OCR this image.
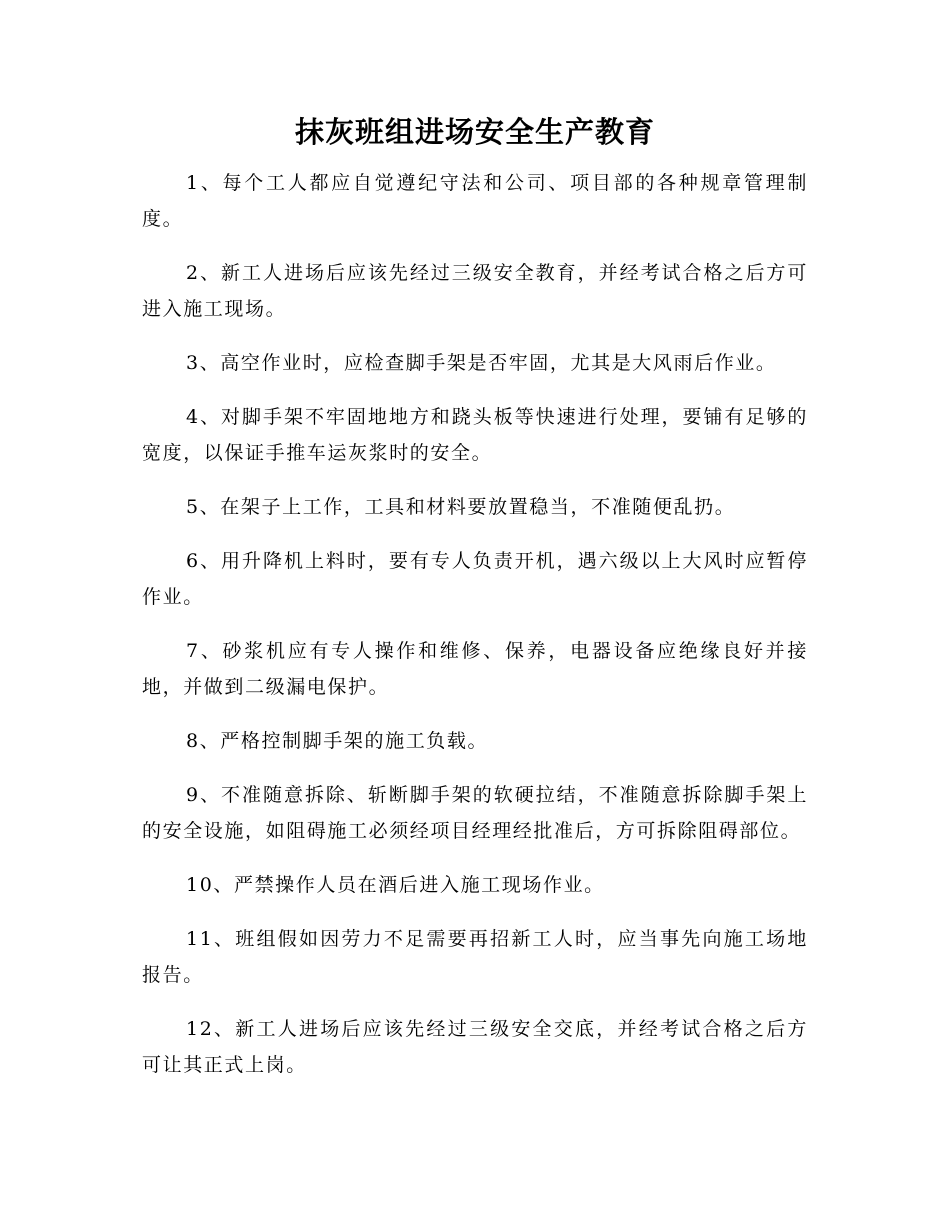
抹灰班组进场安全生产教育

1、每个工人都应自觉遵纪守法和公司、项目部的各种规章管理制度。

2、新工人进场后应该先经过三级安全教育，并经考试合格之后方可进入施工现场。

3、高空作业时，应检查脚手架是否牢固，尤其是大风雨后作业。

4、对脚手架不牢固地地方和跷头板等快速进行处理，要铺有足够的宽度，以保证手推车运灰浆时的安全。

5、在架子上工作，工具和材料要放置稳当，不准随便乱扔。

6、用升降机上料时，要有专人负责开机，遇六级以上大风时应暂停作业。

7、砂浆机应有专人操作和维修、保养，电器设备应绝缘良好并接地，并做到二级漏电保护。

8、严格控制脚手架的施工负载。

9、不准随意拆除、斩断脚手架的软硬拉结，不准随意拆除脚手架上的安全设施，如阻碍施工必须经项目经理经批准后，方可拆除阻碍部位。

10、严禁操作人员在酒后进入施工现场作业。

11、班组假如因劳力不足需要再招新工人时，应当事先向施工场地报告。

12、新工人进场后应该先经过三级安全交底，并经考试合格之后方可让其正式上岗。
